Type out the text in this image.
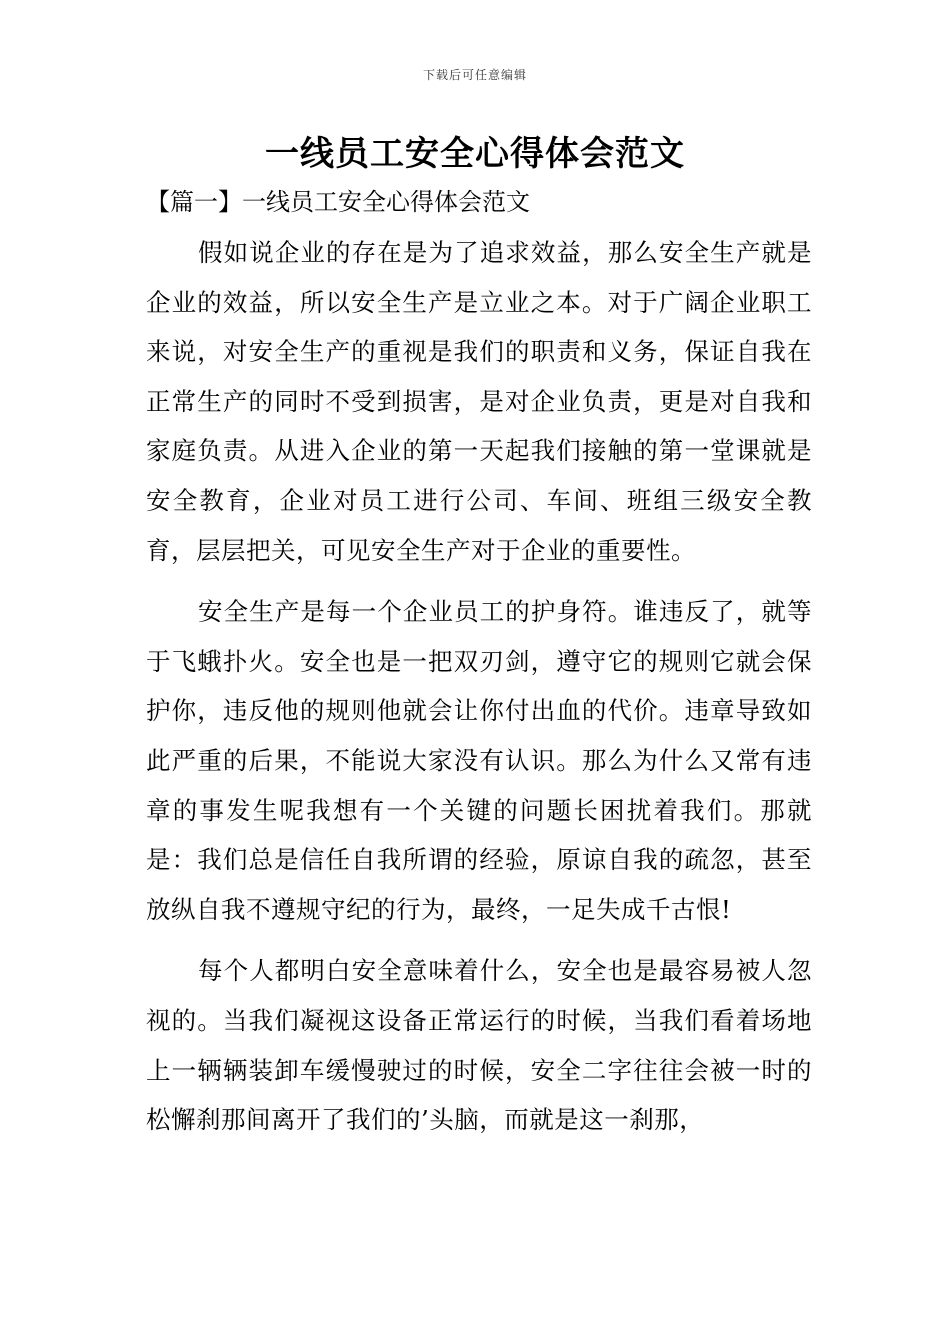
下载后可任意编辑
一线员工安全心得体会范文
【篇一】一线员工安全心得体会范文

假如说企业的存在是为了追求效益，那么安全生产就是企业的效益，所以安全生产是立业之本。对于广阔企业职工来说，对安全生产的重视是我们的职责和义务，保证自我在正常生产的同时不受到损害，是对企业负责，更是对自我和家庭负责。从进入企业的第一天起我们接触的第一堂课就是安全教育，企业对员工进行公司、车间、班组三级安全教育，层层把关，可见安全生产对于企业的重要性。

安全生产是每一个企业员工的护身符。谁违反了，就等于飞蛾扑火。安全也是一把双刃剑，遵守它的规则它就会保护你，违反他的规则他就会让你付出血的代价。违章导致如此严重的后果，不能说大家没有认识。那么为什么又常有违章的事发生呢我想有一个关键的问题长困扰着我们。那就是：我们总是信任自我所谓的经验，原谅自我的疏忽，甚至放纵自我不遵规守纪的行为，最终，一足失成千古恨!

每个人都明白安全意味着什么，安全也是最容易被人忽视的。当我们凝视这设备正常运行的时候，当我们看着场地上一辆辆装卸车缓慢驶过的时候，安全二字往往会被一时的松懈刹那间离开了我们的’头脑，而就是这一刹那，
